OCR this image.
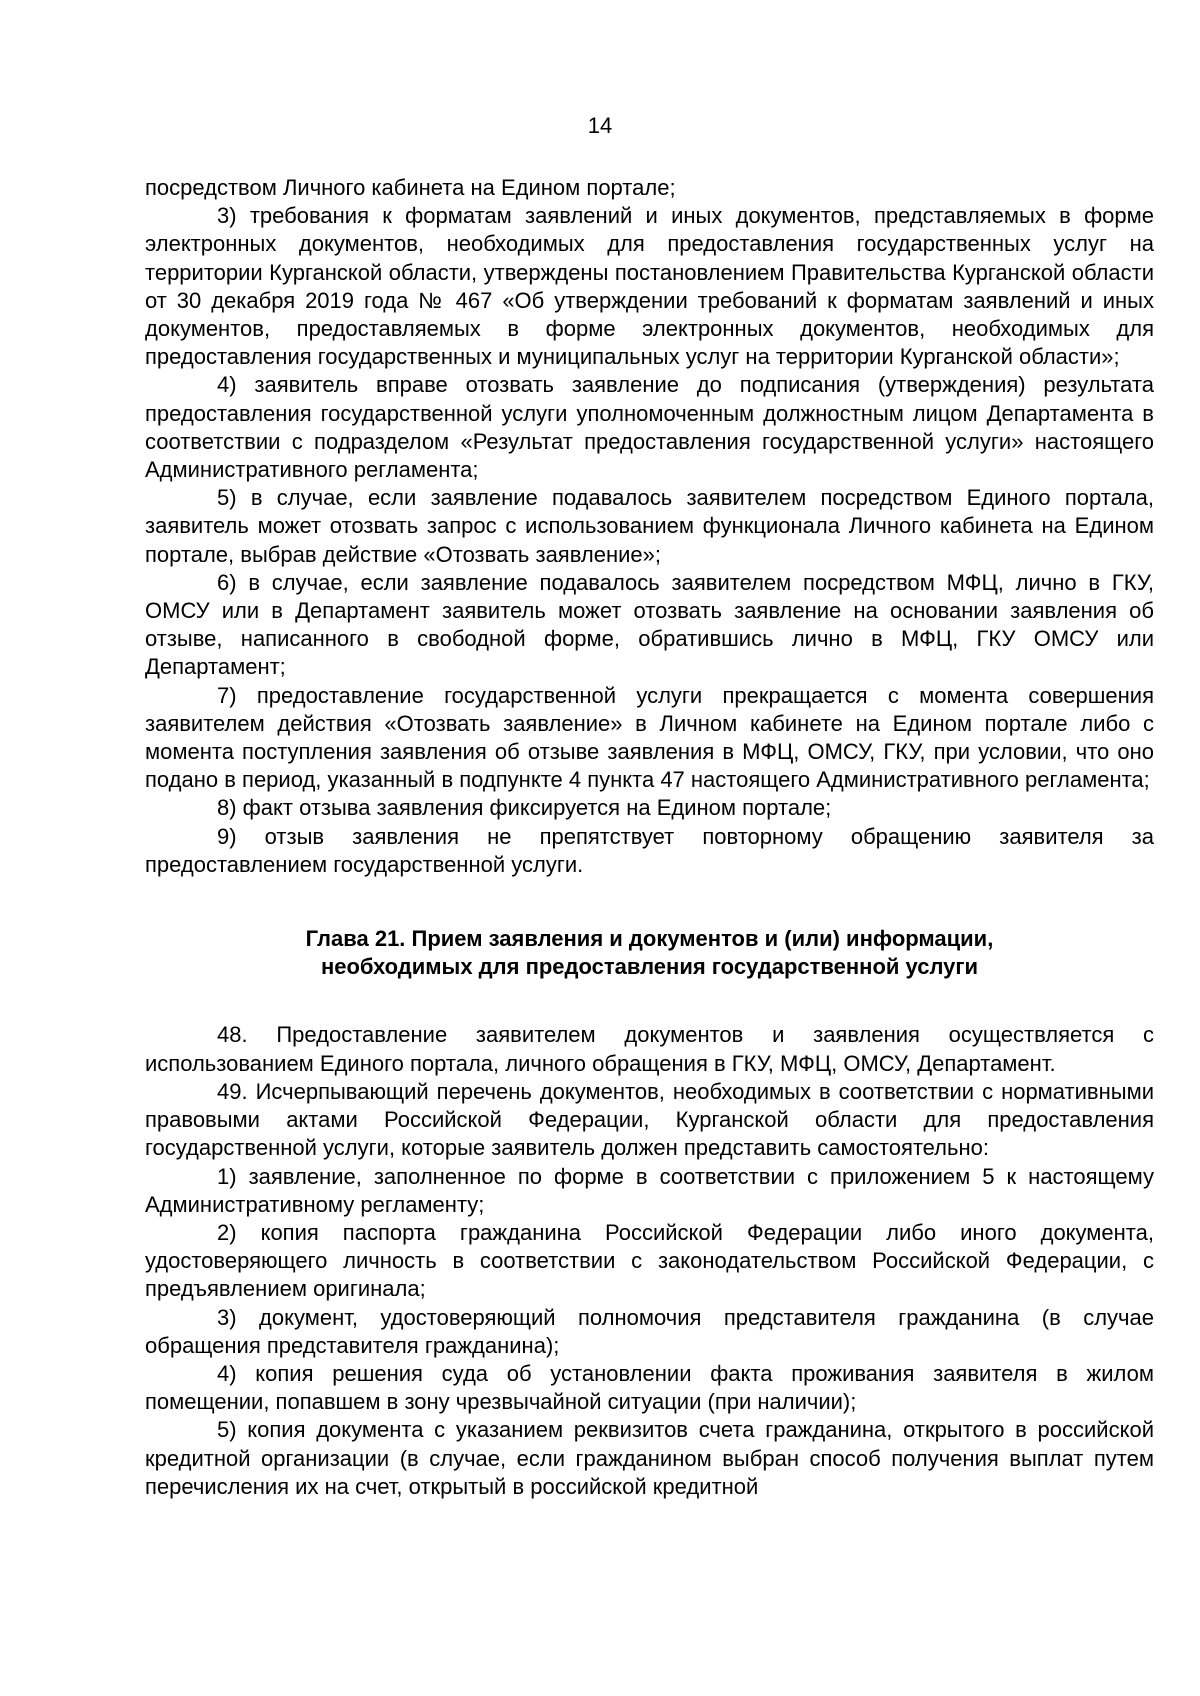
14

посредством Личного кабинета на Едином портале;

3) требования к форматам заявлений и иных документов, представляемых в форме электронных документов, необходимых для предоставления государственных услуг на территории Курганской области, утверждены постановлением Правительства Курганской области от 30 декабря 2019 года № 467 «Об утверждении требований к форматам заявлений и иных документов, предоставляемых в форме электронных документов, необходимых для предоставления государственных и муниципальных услуг на территории Курганской области»;

4) заявитель вправе отозвать заявление до подписания (утверждения) результата предоставления государственной услуги уполномоченным должностным лицом Департамента в соответствии с подразделом «Результат предоставления государственной услуги» настоящего Административного регламента;

5) в случае, если заявление подавалось заявителем посредством Единого портала, заявитель может отозвать запрос с использованием функционала Личного кабинета на Едином портале, выбрав действие «Отозвать заявление»;

6) в случае, если заявление подавалось заявителем посредством МФЦ, лично в ГКУ, ОМСУ или в Департамент заявитель может отозвать заявление на основании заявления об отзыве, написанного в свободной форме, обратившись лично в МФЦ, ГКУ ОМСУ или Департамент;

7) предоставление государственной услуги прекращается с момента совершения заявителем действия «Отозвать заявление» в Личном кабинете на Едином портале либо с момента поступления заявления об отзыве заявления в МФЦ, ОМСУ, ГКУ, при условии, что оно подано в период, указанный в подпункте 4 пункта 47 настоящего Административного регламента;

8) факт отзыва заявления фиксируется на Едином портале;

9) отзыв заявления не препятствует повторному обращению заявителя за предоставлением государственной услуги.

Глава 21. Прием заявления и документов и (или) информации,
необходимых для предоставления государственной услуги

48. Предоставление заявителем документов и заявления осуществляется с использованием Единого портала, личного обращения в ГКУ, МФЦ, ОМСУ, Департамент.

49. Исчерпывающий перечень документов, необходимых в соответствии с нормативными правовыми актами Российской Федерации, Курганской области для предоставления государственной услуги, которые заявитель должен представить самостоятельно:

1) заявление, заполненное по форме в соответствии с приложением 5 к настоящему Административному регламенту;

2) копия паспорта гражданина Российской Федерации либо иного документа, удостоверяющего личность в соответствии с законодательством Российской Федерации, с предъявлением оригинала;

3) документ, удостоверяющий полномочия представителя гражданина (в случае обращения представителя гражданина);

4) копия решения суда об установлении факта проживания заявителя в жилом помещении, попавшем в зону чрезвычайной ситуации (при наличии);

5) копия документа с указанием реквизитов счета гражданина, открытого в российской кредитной организации (в случае, если гражданином выбран способ получения выплат путем перечисления их на счет, открытый в российской кредитной
